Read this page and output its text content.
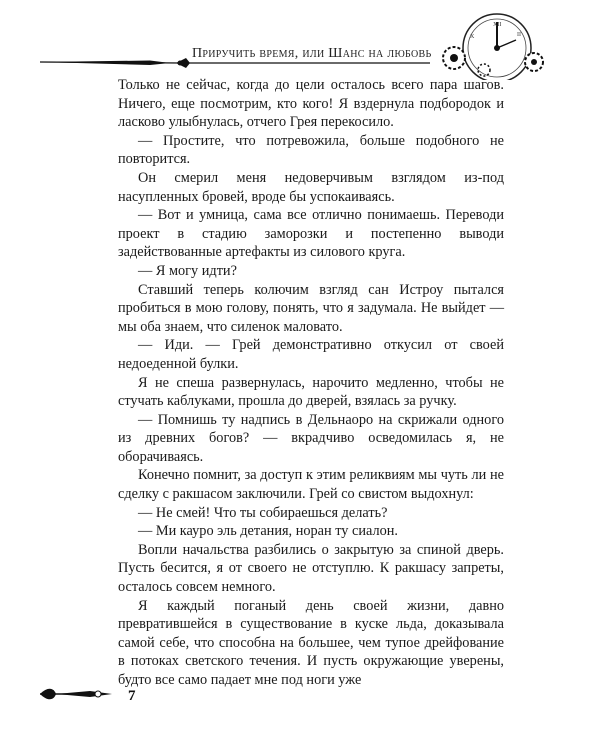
XII
X	II
Приручить время, или Шанс на любовь

Только не сейчас, когда до цели осталось всего пара шагов. Ничего, еще посмотрим, кто кого! Я вздернула подбородок и ласково улыбнулась, отчего Грея перекосило.

— Простите, что потревожила, больше подобного не повторится.

Он смерил меня недоверчивым взглядом из-под насупленных бровей, вроде бы успокаиваясь.

— Вот и умница, сама все отлично понимаешь. Переводи проект в стадию заморозки и постепенно выводи задействованные артефакты из силового круга.

— Я могу идти?

Ставший теперь колючим взгляд сан Истроу пытался пробиться в мою голову, понять, что я задумала. Не выйдет — мы оба знаем, что силенок маловато.

— Иди. — Грей демонстративно откусил от своей недоеденной булки.

Я не спеша развернулась, нарочито медленно, чтобы не стучать каблуками, прошла до дверей, взялась за ручку.

— Помнишь ту надпись в Дельнаоро на скрижали одного из древних богов? — вкрадчиво осведомилась я, не оборачиваясь.

Конечно помнит, за доступ к этим реликвиям мы чуть ли не сделку с ракшасом заключили. Грей со свистом выдохнул:

— Не смей! Что ты собираешься делать?

— Ми кауро эль детания, норан ту сиалон.

Вопли начальства разбились о закрытую за спиной дверь. Пусть бесится, я от своего не отступлю. К ракшасу запреты, осталось совсем немного.

Я каждый поганый день своей жизни, давно превратившейся в существование в куске льда, доказывала самой себе, что способна на большее, чем тупое дрейфование в потоках светского течения. И пусть окружающие уверены, будто все само падает мне под ноги уже

7
